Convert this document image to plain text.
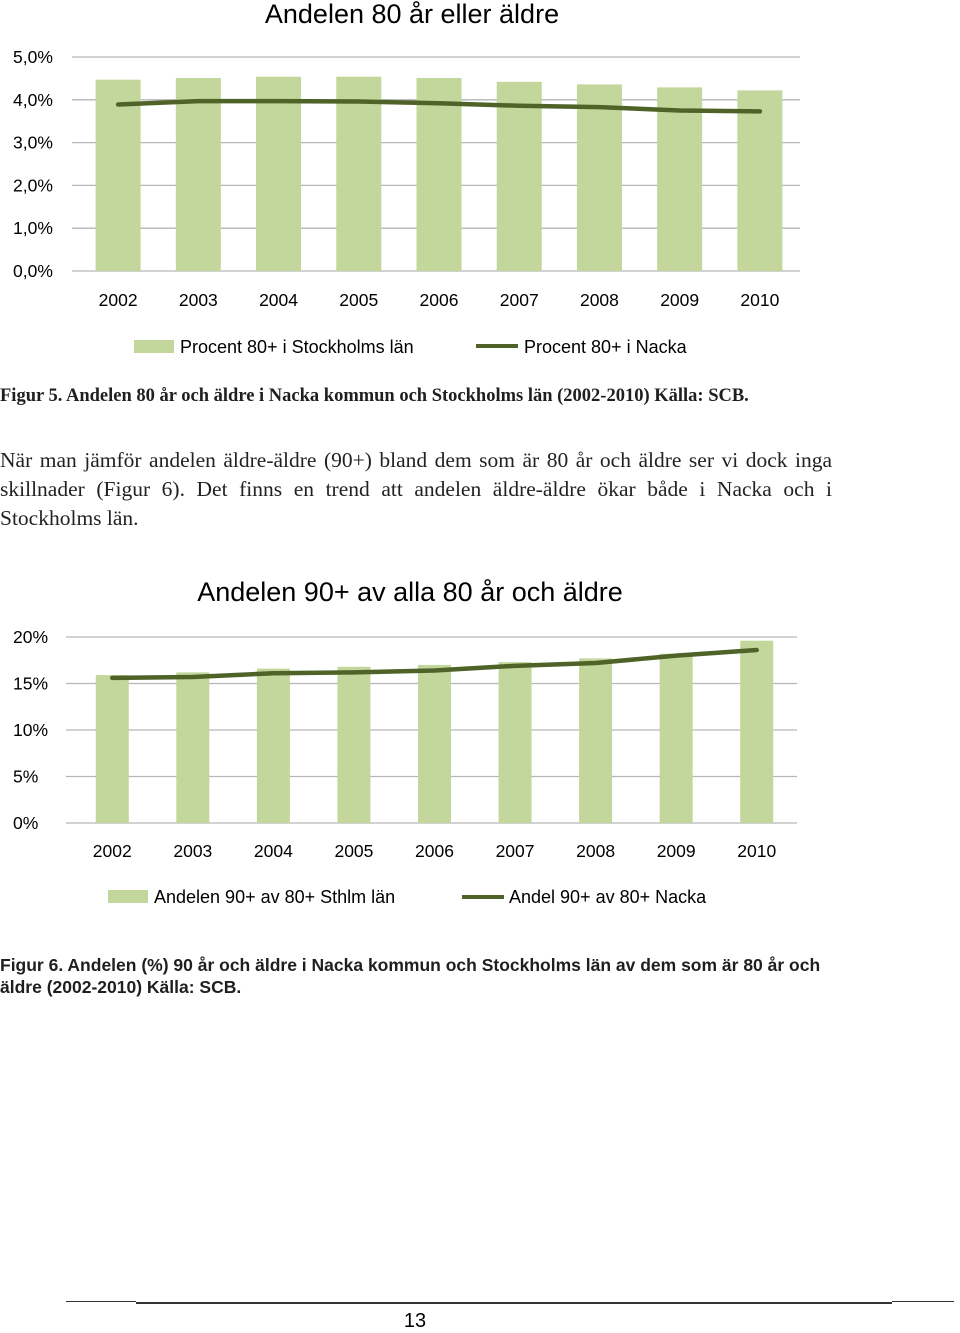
Andelen 80 år eller äldre
0,0%
1,0%
2,0%
3,0%
4,0%
5,0%
2002 2003 2004 2005 2006 2007 2008 2009 2010
Procent 80+ i Stockholms län	Procent 80+ i Nacka
Figur 5. Andelen 80 år och äldre i Nacka kommun och Stockholms län (2002-2010) Källa: SCB.
När man jämför andelen äldre-äldre (90+) bland dem som är 80 år och äldre ser vi dock inga skillnader (Figur 6). Det finns en trend att andelen äldre-äldre ökar både i Nacka och i Stockholms län.
Andelen 90+ av alla 80 år och äldre
0%
5%
10%
15%
20%
2002 2003 2004 2005 2006 2007 2008 2009 2010
Andelen 90+ av 80+ Sthlm län	Andel 90+ av 80+ Nacka
Figur 6. Andelen (%) 90 år och äldre i Nacka kommun och Stockholms län av dem som är 80 år och äldre (2002-2010) Källa: SCB.
13
